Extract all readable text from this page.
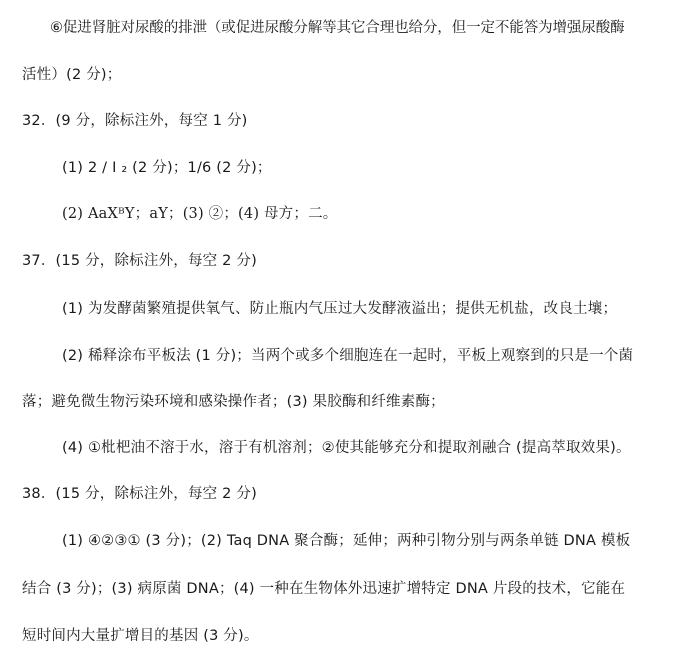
⑥促进肾脏对尿酸的排泄（或促进尿酸分解等其它合理也给分，但一定不能答为增强尿酸酶
活性）(2 分)；
32．(9 分，除标注外，每空 1 分)
(1) 2 / I ₂ (2 分)；1/6 (2 分)；
(2) AaXᴮY；aY；(3) ②；(4) 母方；二。
37．(15 分，除标注外，每空 2 分)
(1) 为发酵菌繁殖提供氧气、防止瓶内气压过大发酵液溢出；提供无机盐，改良土壤；
(2) 稀释涂布平板法 (1 分)；当两个或多个细胞连在一起时，平板上观察到的只是一个菌
落；避免微生物污染环境和感染操作者；(3) 果胶酶和纤维素酶；
(4) ①枇杷油不溶于水，溶于有机溶剂；②使其能够充分和提取剂融合 (提高萃取效果)。
38．(15 分，除标注外，每空 2 分)
(1) ④②③① (3 分)；(2) Taq DNA 聚合酶；延伸；两种引物分别与两条单链 DNA 模板
结合 (3 分)；(3) 病原菌 DNA；(4) 一种在生物体外迅速扩增特定 DNA 片段的技术，它能在
短时间内大量扩增目的基因 (3 分)。
